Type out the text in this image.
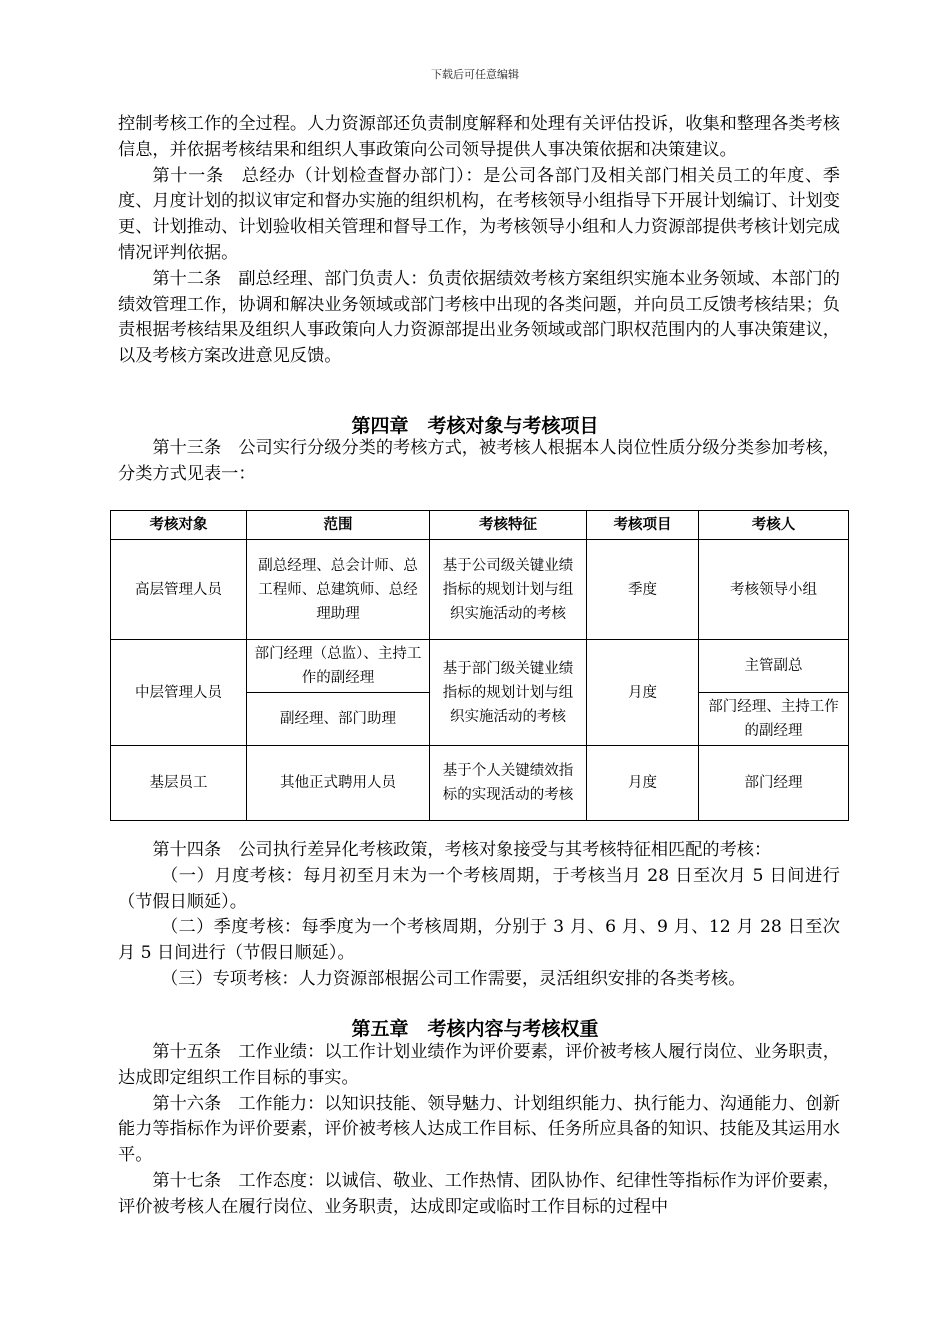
下载后可任意编辑

控制考核工作的全过程。人力资源部还负责制度解释和处理有关评估投诉，收集和整理各类考核信息，并依据考核结果和组织人事政策向公司领导提供人事决策依据和决策建议。

第十一条　总经办（计划检查督办部门）：是公司各部门及相关部门相关员工的年度、季度、月度计划的拟议审定和督办实施的组织机构，在考核领导小组指导下开展计划编订、计划变更、计划推动、计划验收相关管理和督导工作，为考核领导小组和人力资源部提供考核计划完成情况评判依据。

第十二条　副总经理、部门负责人：负责依据绩效考核方案组织实施本业务领域、本部门的绩效管理工作，协调和解决业务领域或部门考核中出现的各类问题，并向员工反馈考核结果；负责根据考核结果及组织人事政策向人力资源部提出业务领域或部门职权范围内的人事决策建议，以及考核方案改进意见反馈。

第四章　考核对象与考核项目

第十三条　公司实行分级分类的考核方式，被考核人根据本人岗位性质分级分类参加考核，分类方式见表一：

考核对象	范围	考核特征	考核项目	考核人
高层管理人员	副总经理、总会计师、总工程师、总建筑师、总经理助理	基于公司级关键业绩指标的规划计划与组织实施活动的考核	季度	考核领导小组
中层管理人员	部门经理（总监）、主持工作的副经理	基于部门级关键业绩指标的规划计划与组织实施活动的考核	月度	主管副总
	副经理、部门助理			部门经理、主持工作的副经理
基层员工	其他正式聘用人员	基于个人关键绩效指标的实现活动的考核	月度	部门经理

第十四条　公司执行差异化考核政策，考核对象接受与其考核特征相匹配的考核：

（一）月度考核：每月初至月末为一个考核周期，于考核当月 28 日至次月 5 日间进行（节假日顺延）。

（二）季度考核：每季度为一个考核周期，分别于 3 月、6 月、9 月、12 月 28 日至次月 5 日间进行（节假日顺延）。

（三）专项考核：人力资源部根据公司工作需要，灵活组织安排的各类考核。

第五章　考核内容与考核权重

第十五条　工作业绩：以工作计划业绩作为评价要素，评价被考核人履行岗位、业务职责，达成即定组织工作目标的事实。

第十六条　工作能力：以知识技能、领导魅力、计划组织能力、执行能力、沟通能力、创新能力等指标作为评价要素，评价被考核人达成工作目标、任务所应具备的知识、技能及其运用水平。

第十七条　工作态度：以诚信、敬业、工作热情、团队协作、纪律性等指标作为评价要素，评价被考核人在履行岗位、业务职责，达成即定或临时工作目标的过程中
